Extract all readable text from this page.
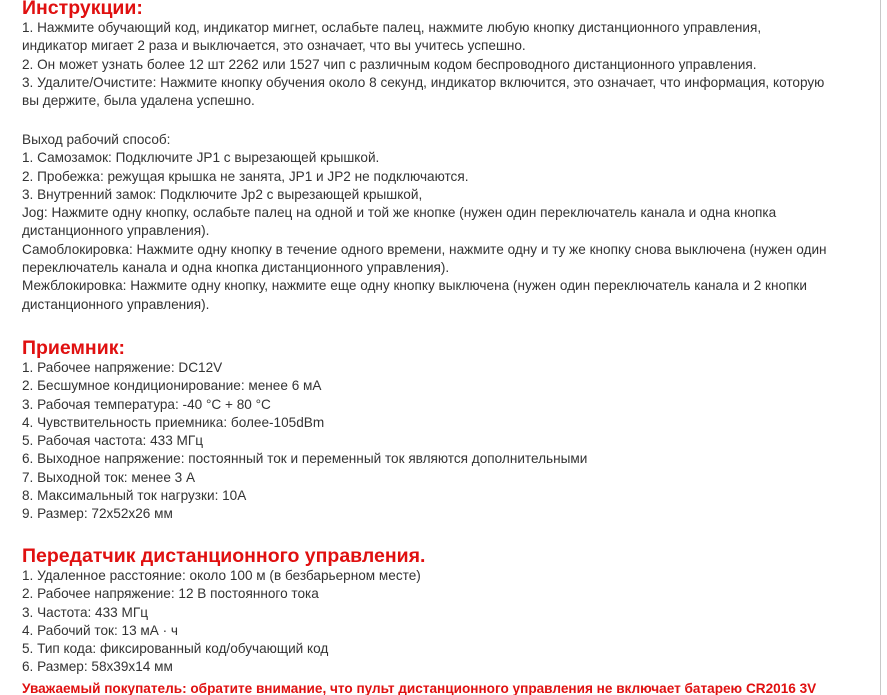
Инструкции:
1. Нажмите обучающий код, индикатор мигнет, ослабьте палец, нажмите любую кнопку дистанционного управления,
индикатор мигает 2 раза и выключается, это означает, что вы учитесь успешно.
2. Он может узнать более 12 шт 2262 или 1527 чип с различным кодом беспроводного дистанционного управления.
3. Удалите/Очистите: Нажмите кнопку обучения около 8 секунд, индикатор включится, это означает, что информация, которую
вы держите, была удалена успешно.
Выход рабочий способ:
1. Самозамок: Подключите JP1 с вырезающей крышкой.
2. Пробежка: режущая крышка не занята, JP1 и JP2 не подключаются.
3. Внутренний замок: Подключите Jp2 с вырезающей крышкой,
Jog: Нажмите одну кнопку, ослабьте палец на одной и той же кнопке (нужен один переключатель канала и одна кнопка
дистанционного управления).
Самоблокировка: Нажмите одну кнопку в течение одного времени, нажмите одну и ту же кнопку снова выключена (нужен один
переключатель канала и одна кнопка дистанционного управления).
Межблокировка: Нажмите одну кнопку, нажмите еще одну кнопку выключена (нужен один переключатель канала и 2 кнопки
дистанционного управления).
Приемник:
1. Рабочее напряжение: DC12V
2. Бесшумное кондиционирование: менее 6 мА
3. Рабочая температура: -40 °C + 80 °C
4. Чувствительность приемника: более-105dBm
5. Рабочая частота: 433 МГц
6. Выходное напряжение: постоянный ток и переменный ток являются дополнительными
7. Выходной ток: менее 3 А
8. Максимальный ток нагрузки: 10А
9. Размер: 72x52x26 мм
Передатчик дистанционного управления.
1. Удаленное расстояние: около 100 м (в безбарьерном месте)
2. Рабочее напряжение: 12 В постоянного тока
3. Частота: 433 МГц
4. Рабочий ток: 13 мА · ч
5. Тип кода: фиксированный код/обучающий код
6. Размер: 58x39x14 мм
Уважаемый покупатель: обратите внимание, что пульт дистанционного управления не включает батарею CR2016 3V
